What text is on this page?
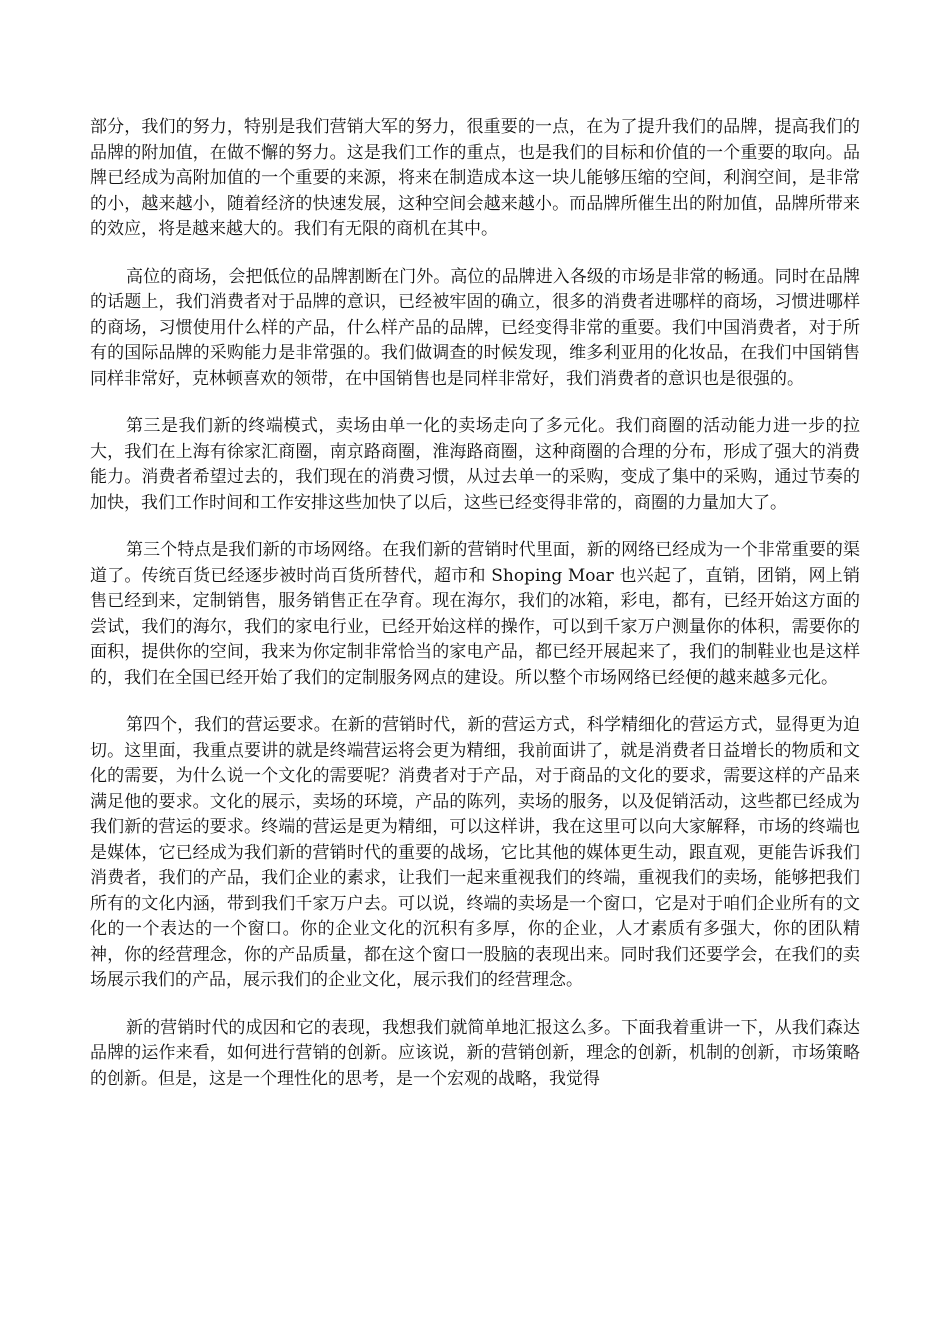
部分，我们的努力，特别是我们营销大军的努力，很重要的一点，在为了提升我们的品牌，提高我们的品牌的附加值，在做不懈的努力。这是我们工作的重点，也是我们的目标和价值的一个重要的取向。品牌已经成为高附加值的一个重要的来源，将来在制造成本这一块儿能够压缩的空间，利润空间，是非常的小，越来越小，随着经济的快速发展，这种空间会越来越小。而品牌所催生出的附加值，品牌所带来的效应，将是越来越大的。我们有无限的商机在其中。

高位的商场，会把低位的品牌割断在门外。高位的品牌进入各级的市场是非常的畅通。同时在品牌的话题上，我们消费者对于品牌的意识，已经被牢固的确立，很多的消费者进哪样的商场，习惯进哪样的商场，习惯使用什么样的产品，什么样产品的品牌，已经变得非常的重要。我们中国消费者，对于所有的国际品牌的采购能力是非常强的。我们做调查的时候发现，维多利亚用的化妆品，在我们中国销售同样非常好，克林顿喜欢的领带，在中国销售也是同样非常好，我们消费者的意识也是很强的。

第三是我们新的终端模式，卖场由单一化的卖场走向了多元化。我们商圈的活动能力进一步的拉大，我们在上海有徐家汇商圈，南京路商圈，淮海路商圈，这种商圈的合理的分布，形成了强大的消费能力。消费者希望过去的，我们现在的消费习惯，从过去单一的采购，变成了集中的采购，通过节奏的加快，我们工作时间和工作安排这些加快了以后，这些已经变得非常的，商圈的力量加大了。

第三个特点是我们新的市场网络。在我们新的营销时代里面，新的网络已经成为一个非常重要的渠道了。传统百货已经逐步被时尚百货所替代，超市和 Shoping Moar 也兴起了，直销，团销，网上销售已经到来，定制销售，服务销售正在孕育。现在海尔，我们的冰箱，彩电，都有，已经开始这方面的尝试，我们的海尔，我们的家电行业，已经开始这样的操作，可以到千家万户测量你的体积，需要你的面积，提供你的空间，我来为你定制非常恰当的家电产品，都已经开展起来了，我们的制鞋业也是这样的，我们在全国已经开始了我们的定制服务网点的建设。所以整个市场网络已经便的越来越多元化。

第四个，我们的营运要求。在新的营销时代，新的营运方式，科学精细化的营运方式，显得更为迫切。这里面，我重点要讲的就是终端营运将会更为精细，我前面讲了，就是消费者日益增长的物质和文化的需要，为什么说一个文化的需要呢？消费者对于产品，对于商品的文化的要求，需要这样的产品来满足他的要求。文化的展示，卖场的环境，产品的陈列，卖场的服务，以及促销活动，这些都已经成为我们新的营运的要求。终端的营运是更为精细，可以这样讲，我在这里可以向大家解释，市场的终端也是媒体，它已经成为我们新的营销时代的重要的战场，它比其他的媒体更生动，跟直观，更能告诉我们消费者，我们的产品，我们企业的素求，让我们一起来重视我们的终端，重视我们的卖场，能够把我们所有的文化内涵，带到我们千家万户去。可以说，终端的卖场是一个窗口，它是对于咱们企业所有的文化的一个表达的一个窗口。你的企业文化的沉积有多厚，你的企业，人才素质有多强大，你的团队精神，你的经营理念，你的产品质量，都在这个窗口一股脑的表现出来。同时我们还要学会，在我们的卖场展示我们的产品，展示我们的企业文化，展示我们的经营理念。

新的营销时代的成因和它的表现，我想我们就简单地汇报这么多。下面我着重讲一下，从我们森达品牌的运作来看，如何进行营销的创新。应该说，新的营销创新，理念的创新，机制的创新，市场策略的创新。但是，这是一个理性化的思考，是一个宏观的战略，我觉得
